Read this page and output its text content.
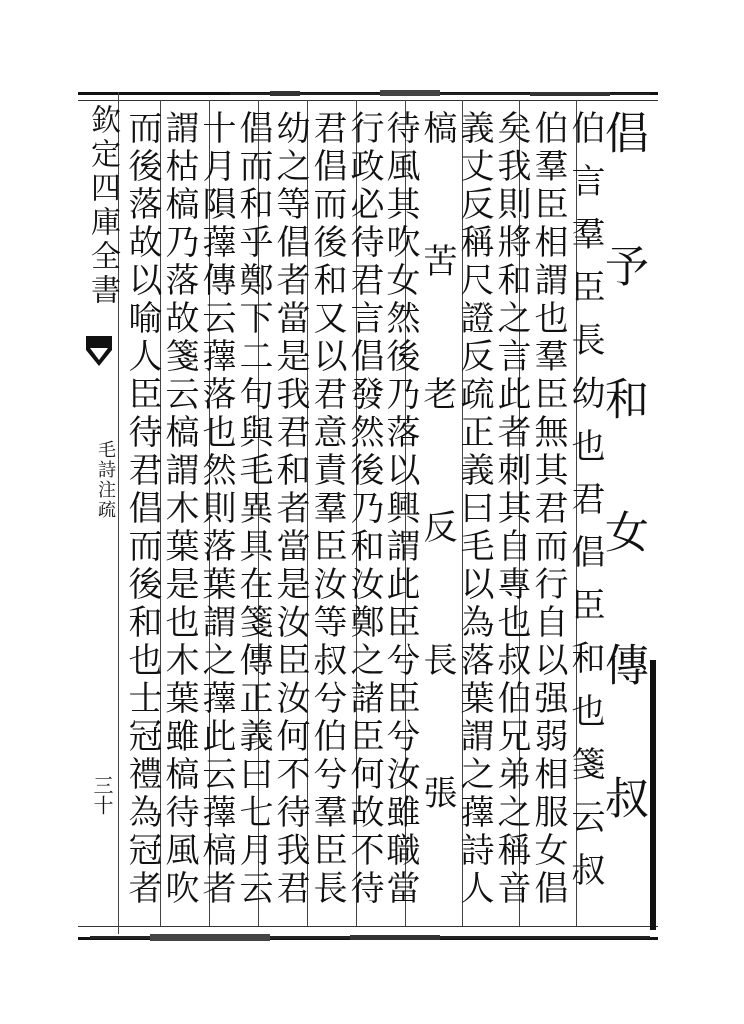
欽定四庫全書
毛詩注疏
三十	倡予和女傳叔
伯言羣臣長幼也君倡臣和也箋云叔
伯羣臣相謂也羣臣無其君而行自以强弱相服女倡
矣我則將和之言此者刺其自專也叔伯兄弟之稱音
義丈反稱尺證反疏正義曰毛以為落葉謂之蘀詩人
槁苦老反長張
待風其吹女然後乃落以興謂此臣兮臣兮汝雖職當
行政必待君言倡發然後乃和汝鄭之諸臣何故不待
君倡而後和又以君意責羣臣汝等叔兮伯兮羣臣長
幼之等倡者當是我君和者當是汝臣汝何不待我君
倡而和乎鄭下二句與毛異具在箋傳正義曰七月云
十月隕蘀傳云蘀落也然則落葉謂之蘀此云蘀槁者
謂枯槁乃落故箋云槁謂木葉是也木葉雖槁待風吹
而後落故以喻人臣待君倡而後和也士冠禮為冠者
